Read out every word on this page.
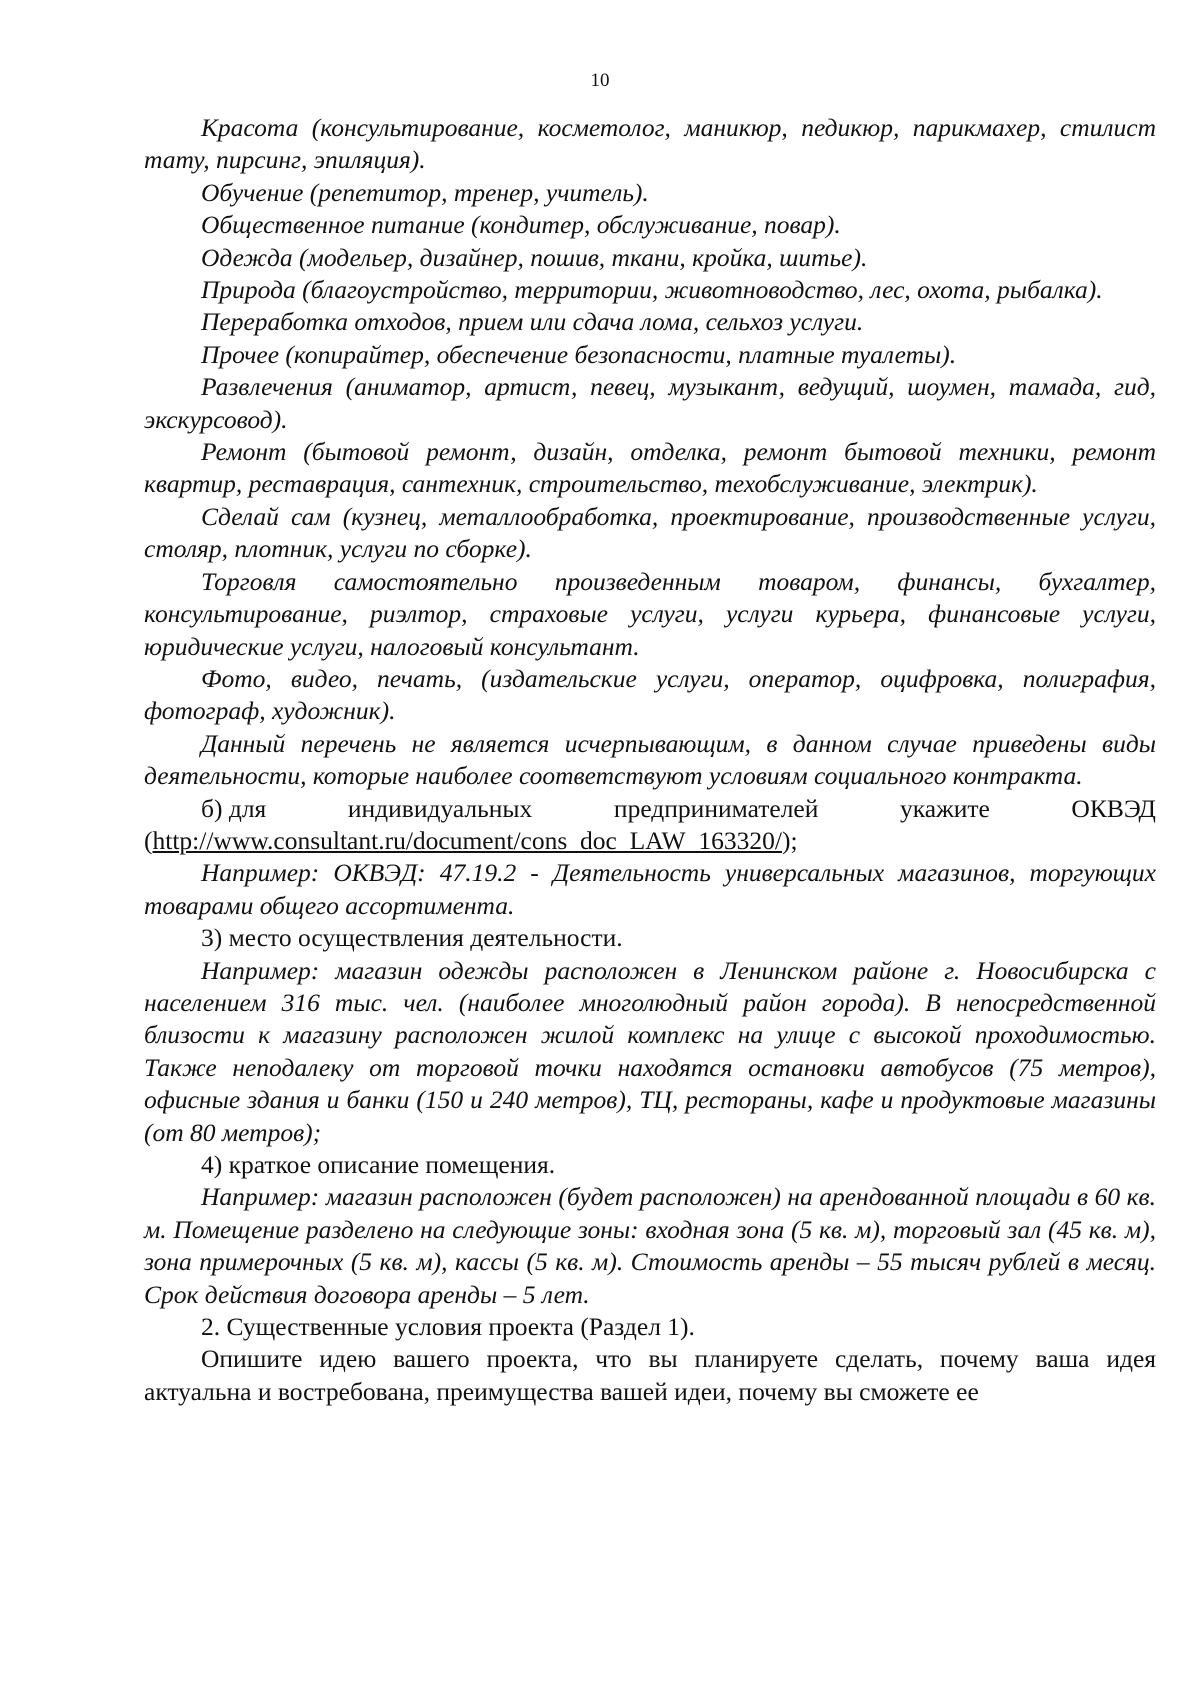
10

Красота (консультирование, косметолог, маникюр, педикюр, парикмахер, стилист тату, пирсинг, эпиляция).

Обучение (репетитор, тренер, учитель).

Общественное питание (кондитер, обслуживание, повар).

Одежда (модельер, дизайнер, пошив, ткани, кройка, шитье).

Природа (благоустройство, территории, животноводство, лес, охота, рыбалка).

Переработка отходов, прием или сдача лома, сельхоз услуги.

Прочее (копирайтер, обеспечение безопасности, платные туалеты).

Развлечения (аниматор, артист, певец, музыкант, ведущий, шоумен, тамада, гид, экскурсовод).

Ремонт (бытовой ремонт, дизайн, отделка, ремонт бытовой техники, ремонт квартир, реставрация, сантехник, строительство, техобслуживание, электрик).

Сделай сам (кузнец, металлообработка, проектирование, производственные услуги, столяр, плотник, услуги по сборке).

Торговля самостоятельно произведенным товаром, финансы, бухгалтер, консультирование, риэлтор, страховые услуги, услуги курьера, финансовые услуги, юридические услуги, налоговый консультант.

Фото, видео, печать, (издательские услуги, оператор, оцифровка, полиграфия, фотограф, художник).

Данный перечень не является исчерпывающим, в данном случае приведены виды деятельности, которые наиболее соответствуют условиям социального контракта.

б) для	индивидуальных	предпринимателей	укажите	ОКВЭД
(http://www.consultant.ru/document/cons_doc_LAW_163320/);

Например: ОКВЭД: 47.19.2 - Деятельность универсальных магазинов, торгующих товарами общего ассортимента.

3) место осуществления деятельности.

Например: магазин одежды расположен в Ленинском районе г. Новосибирска с населением 316 тыс. чел. (наиболее многолюдный район города). В непосредственной близости к магазину расположен жилой комплекс на улице с высокой проходимостью. Также неподалеку от торговой точки находятся остановки автобусов (75 метров), офисные здания и банки (150 и 240 метров), ТЦ, рестораны, кафе и продуктовые магазины (от 80 метров);

4) краткое описание помещения.

Например: магазин расположен (будет расположен) на арендованной площади в 60 кв. м. Помещение разделено на следующие зоны: входная зона (5 кв. м), торговый зал (45 кв. м), зона примерочных (5 кв. м), кассы (5 кв. м). Стоимость аренды – 55 тысяч рублей в месяц. Срок действия договора аренды – 5 лет.

2. Существенные условия проекта (Раздел 1).

Опишите идею вашего проекта, что вы планируете сделать, почему ваша идея актуальна и востребована, преимущества вашей идеи, почему вы сможете ее
